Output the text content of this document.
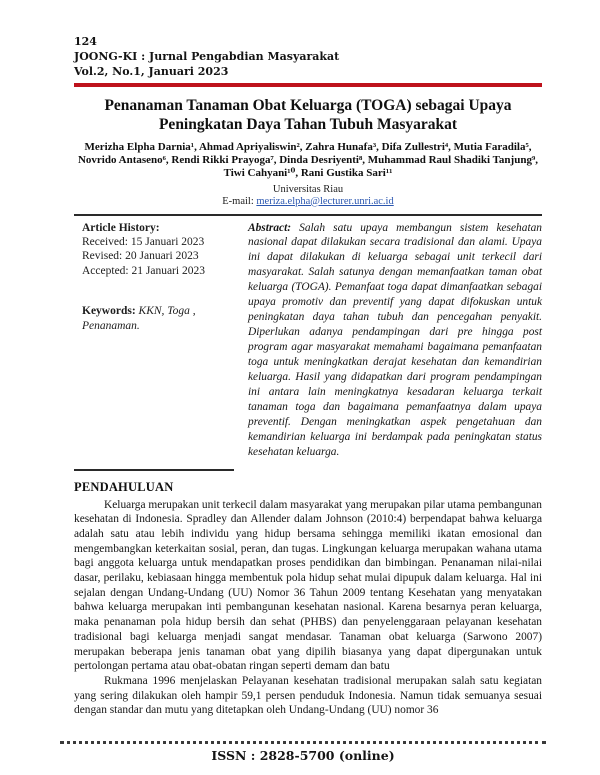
124
JOONG-KI : Jurnal Pengabdian Masyarakat
Vol.2, No.1, Januari 2023
Penanaman Tanaman Obat Keluarga (TOGA) sebagai Upaya Peningkatan Daya Tahan Tubuh Masyarakat
Merizha Elpha Darnia¹, Ahmad Apriyaliswin², Zahra Hunafa³, Difa Zullestri⁴, Mutia Faradila⁵, Novrido Antaseno⁶, Rendi Rikki Prayoga⁷, Dinda Desriyenti⁸, Muhammad Raul Shadiki Tanjung⁹, Tiwi Cahyani¹⁰, Rani Gustika Sari¹¹
Universitas Riau
E-mail: meriza.elpha@lecturer.unri.ac.id
Article History:
Received: 15 Januari 2023
Revised: 20 Januari 2023
Accepted: 21 Januari 2023
Keywords: KKN, Toga , Penanaman.
Abstract: Salah satu upaya membangun sistem kesehatan nasional dapat dilakukan secara tradisional dan alami. Upaya ini dapat dilakukan di keluarga sebagai unit terkecil dari masyarakat. Salah satunya dengan memanfaatkan taman obat keluarga (TOGA). Pemanfaat toga dapat dimanfaatkan sebagai upaya promotiv dan preventif yang dapat difokuskan untuk peningkatan daya tahan tubuh dan pencegahan penyakit. Diperlukan adanya pendampingan dari pre hingga post program agar masyarakat memahami bagaimana pemanfaatan toga untuk meningkatkan derajat kesehatan dan kemandirian keluarga. Hasil yang didapatkan dari program pendampingan ini antara lain meningkatnya kesadaran keluarga terkait tanaman toga dan bagaimana pemanfaatnya dalam upaya preventif. Dengan meningkatkan aspek pengetahuan dan kemandirian keluarga ini berdampak pada peningkatan status kesehatan keluarga.
PENDAHULUAN

Keluarga merupakan unit terkecil dalam masyarakat yang merupakan pilar utama pembangunan kesehatan di Indonesia. Spradley dan Allender dalam Johnson (2010:4) berpendapat bahwa keluarga adalah satu atau lebih individu yang hidup bersama sehingga memiliki ikatan emosional dan mengembangkan keterkaitan sosial, peran, dan tugas. Lingkungan keluarga merupakan wahana utama bagi anggota keluarga untuk mendapatkan proses pendidikan dan bimbingan. Penanaman nilai-nilai dasar, perilaku, kebiasaan hingga membentuk pola hidup sehat mulai dipupuk dalam keluarga. Hal ini sejalan dengan Undang-Undang (UU) Nomor 36 Tahun 2009 tentang Kesehatan yang menyatakan bahwa keluarga merupakan inti pembangunan kesehatan nasional. Karena besarnya peran keluarga, maka penanaman pola hidup bersih dan sehat (PHBS) dan penyelenggaraan pelayanan kesehatan tradisional bagi keluarga menjadi sangat mendasar. Tanaman obat keluarga (Sarwono 2007) merupakan beberapa jenis tanaman obat yang dipilih biasanya yang dapat dipergunakan untuk pertolongan pertama atau obat-obatan ringan seperti demam dan batu

Rukmana 1996 menjelaskan Pelayanan kesehatan tradisional merupakan salah satu kegiatan yang sering dilakukan oleh hampir 59,1 persen penduduk Indonesia. Namun tidak semuanya sesuai dengan standar dan mutu yang ditetapkan oleh Undang-Undang (UU) nomor 36

ISSN : 2828-5700 (online)
